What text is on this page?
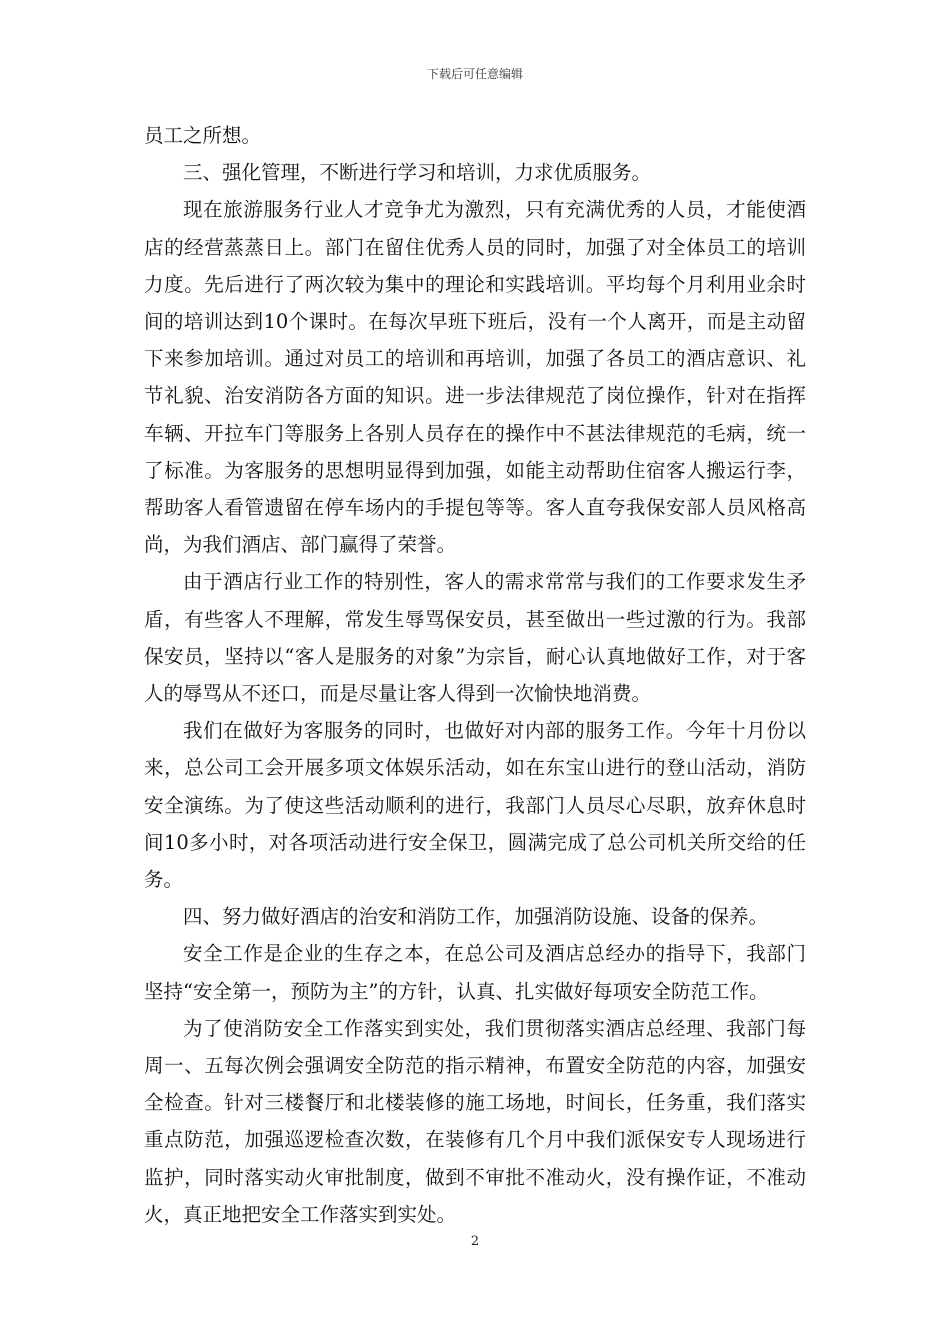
下载后可任意编辑

员工之所想。

三、强化管理，不断进行学习和培训，力求优质服务。

现在旅游服务行业人才竞争尤为激烈，只有充满优秀的人员，才能使酒店的经营蒸蒸日上。部门在留住优秀人员的同时，加强了对全体员工的培训力度。先后进行了两次较为集中的理论和实践培训。平均每个月利用业余时间的培训达到10个课时。在每次早班下班后，没有一个人离开，而是主动留下来参加培训。通过对员工的培训和再培训，加强了各员工的酒店意识、礼节礼貌、治安消防各方面的知识。进一步法律规范了岗位操作，针对在指挥车辆、开拉车门等服务上各别人员存在的操作中不甚法律规范的毛病，统一了标准。为客服务的思想明显得到加强，如能主动帮助住宿客人搬运行李，帮助客人看管遗留在停车场内的手提包等等。客人直夸我保安部人员风格高尚，为我们酒店、部门赢得了荣誉。

由于酒店行业工作的特别性，客人的需求常常与我们的工作要求发生矛盾，有些客人不理解，常发生辱骂保安员，甚至做出一些过激的行为。我部保安员，坚持以“客人是服务的对象”为宗旨，耐心认真地做好工作，对于客人的辱骂从不还口，而是尽量让客人得到一次愉快地消费。

我们在做好为客服务的同时，也做好对内部的服务工作。今年十月份以来，总公司工会开展多项文体娱乐活动，如在东宝山进行的登山活动，消防安全演练。为了使这些活动顺利的进行，我部门人员尽心尽职，放弃休息时间10多小时，对各项活动进行安全保卫，圆满完成了总公司机关所交给的任务。

四、努力做好酒店的治安和消防工作，加强消防设施、设备的保养。

安全工作是企业的生存之本，在总公司及酒店总经办的指导下，我部门坚持“安全第一，预防为主”的方针，认真、扎实做好每项安全防范工作。

为了使消防安全工作落实到实处，我们贯彻落实酒店总经理、我部门每周一、五每次例会强调安全防范的指示精神，布置安全防范的内容，加强安全检查。针对三楼餐厅和北楼装修的施工场地，时间长，任务重，我们落实重点防范，加强巡逻检查次数，在装修有几个月中我们派保安专人现场进行监护，同时落实动火审批制度，做到不审批不准动火，没有操作证，不准动火，真正地把安全工作落实到实处。

2
